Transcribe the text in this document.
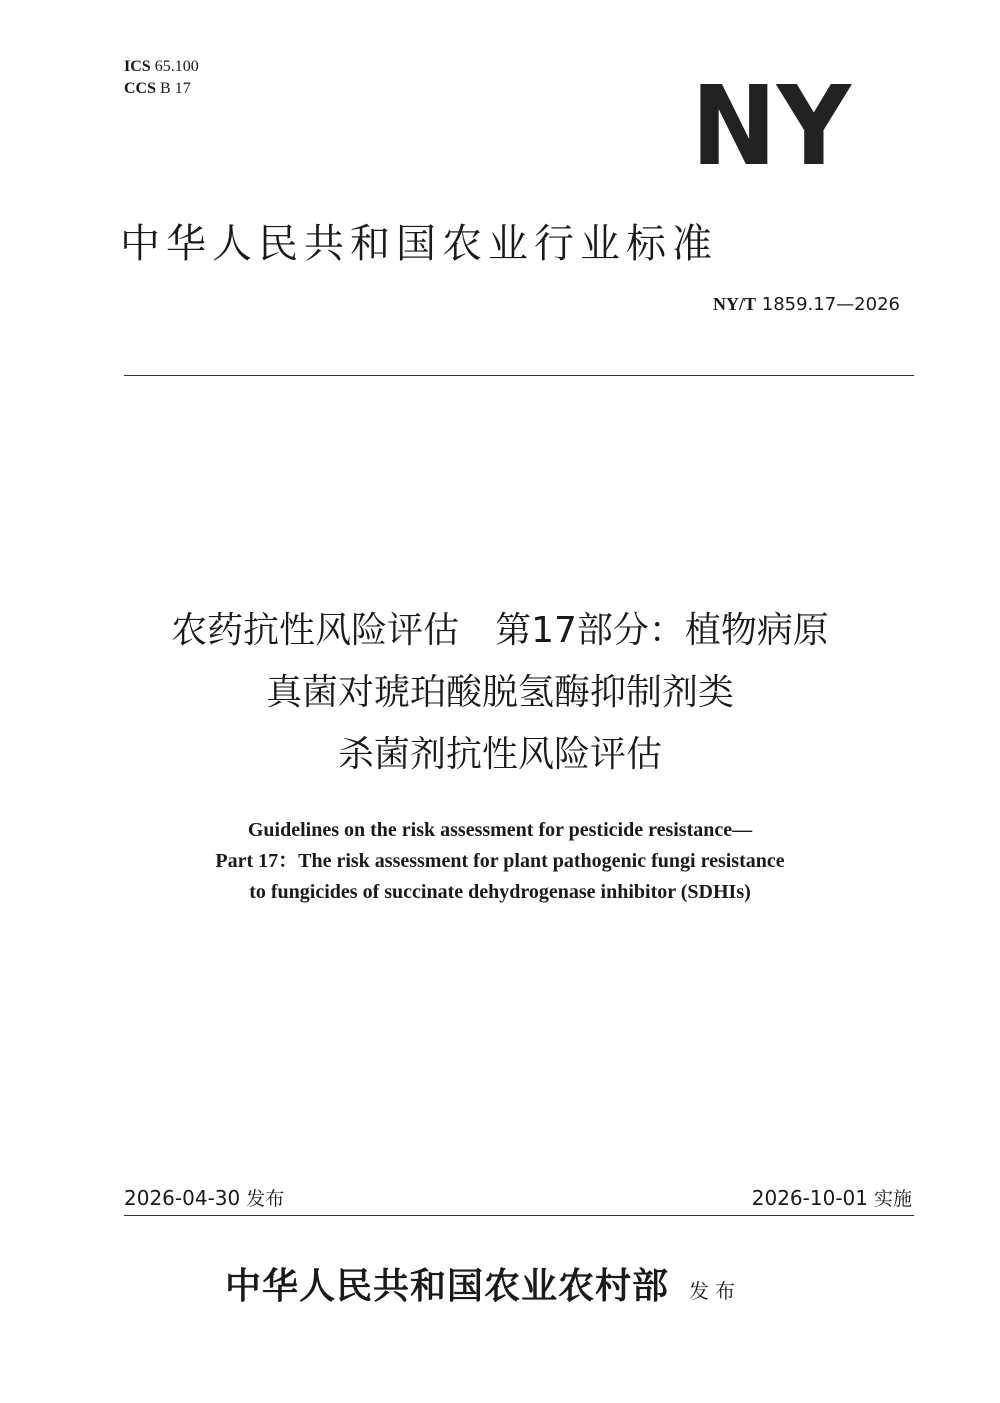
ICS 65.100
CCS B 17	NY
中华人民共和国农业行业标准
NY/T 1859.17—2026
农药抗性风险评估　第17部分：植物病原
真菌对琥珀酸脱氢酶抑制剂类
杀菌剂抗性风险评估
Guidelines on the risk assessment for pesticide resistance—
Part 17：The risk assessment for plant pathogenic fungi resistance
to fungicides of succinate dehydrogenase inhibitor (SDHIs)
2026-04-30 发布	2026-10-01 实施
中华人民共和国农业农村部 发布
